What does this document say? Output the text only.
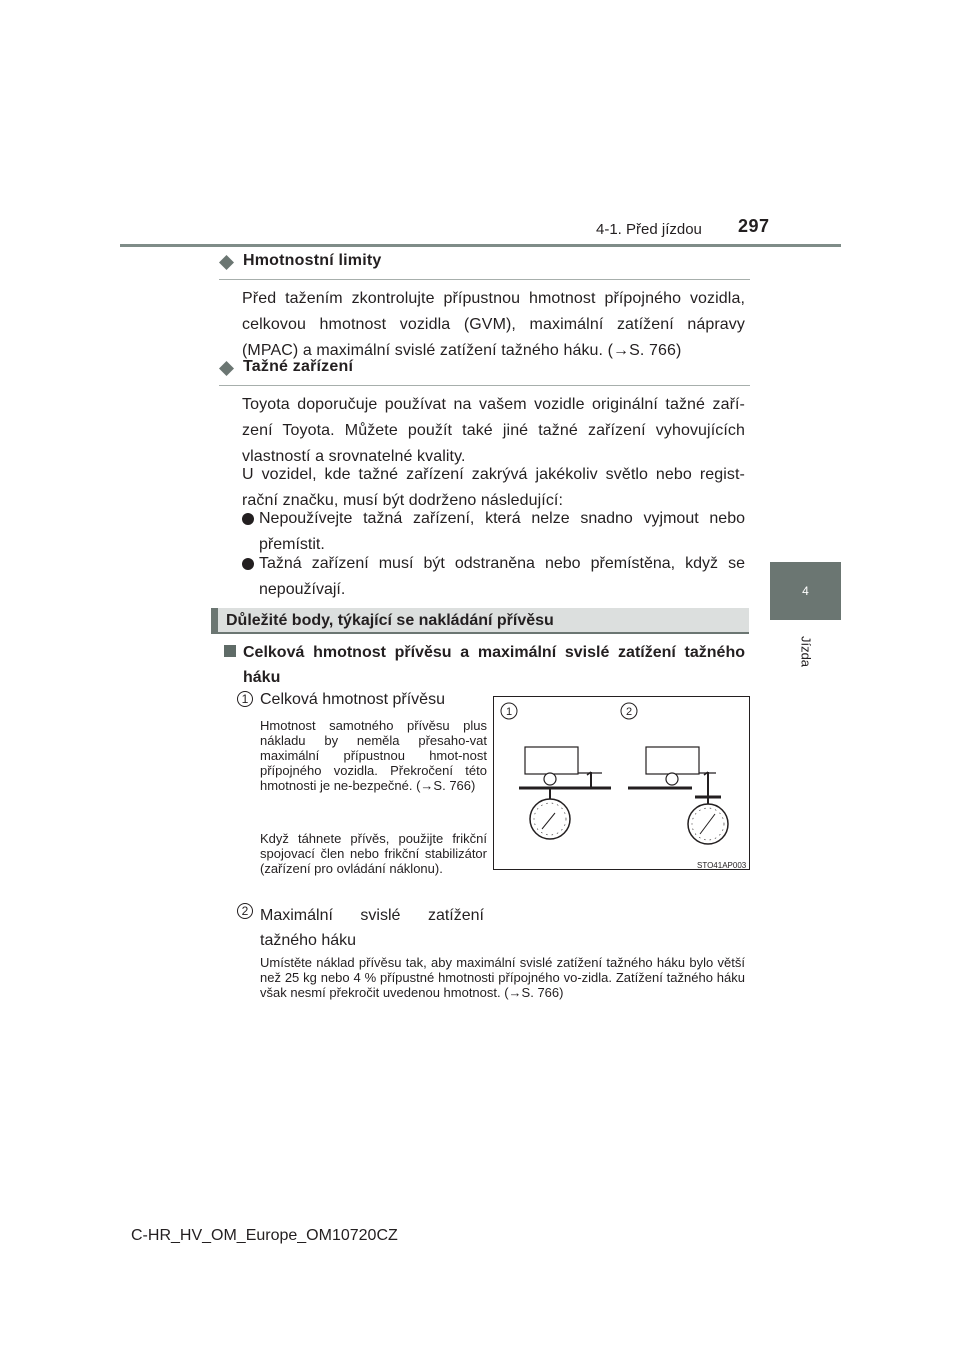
4-1. Před jízdou 297
4
Jízda
Hmotnostní limity
Před tažením zkontrolujte přípustnou hmotnost přípojného vozidla, celkovou hmotnost vozidla (GVM), maximální zatížení nápravy (MPAC) a maximální svislé zatížení tažného háku. (→S. 766)
Tažné zařízení
Toyota doporučuje používat na vašem vozidle originální tažné zaří-zení Toyota. Můžete použít také jiné tažné zařízení vyhovujících vlastností a srovnatelné kvality.
U vozidel, kde tažné zařízení zakrývá jakékoliv světlo nebo regist-rační značku, musí být dodrženo následující:
Nepoužívejte tažná zařízení, která nelze snadno vyjmout nebo přemístit.
Tažná zařízení musí být odstraněna nebo přemístěna, když se nepoužívají.
Důležité body, týkající se nakládání přívěsu
Celková hmotnost přívěsu a maximální svislé zatížení tažného háku
1 Celková hmotnost přívěsu
Hmotnost samotného přívěsu plus nákladu by neměla přesaho-vat maximální přípustnou hmot-nost přípojného vozidla. Překročení této hmotnosti je ne-bezpečné. (→S. 766)
Když táhnete přívěs, použijte frikční spojovací člen nebo frikční stabilizátor (zařízení pro ovládání náklonu).
1	2
STO41AP003
2 Maximální svislé zatížení tažného háku
Umístěte náklad přívěsu tak, aby maximální svislé zatížení tažného háku bylo větší než 25 kg nebo 4 % přípustné hmotnosti přípojného vo-zidla. Zatížení tažného háku však nesmí překročit uvedenou hmotnost. (→S. 766)
C-HR_HV_OM_Europe_OM10720CZ
